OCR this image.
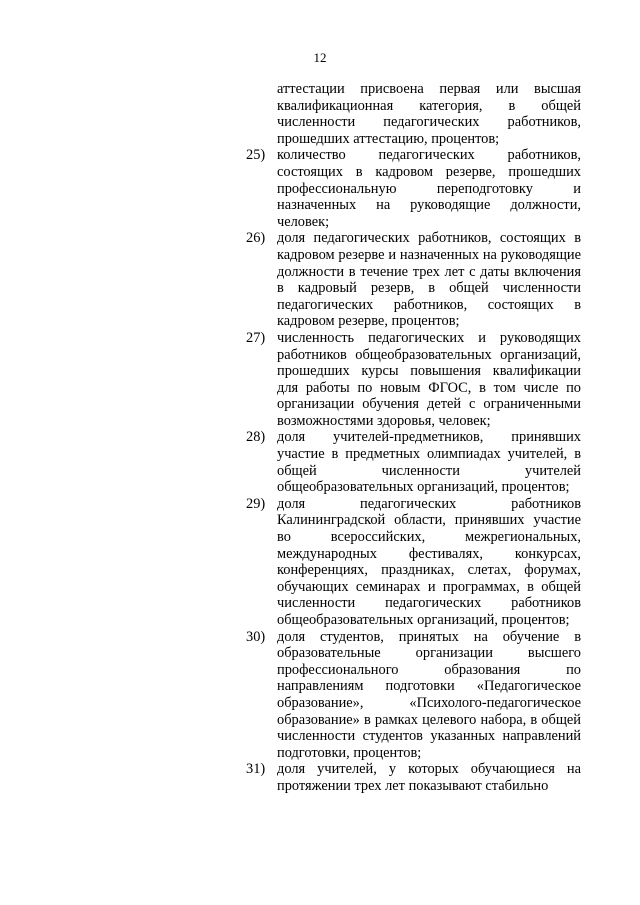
12
аттестации присвоена первая или высшая квалификационная категория, в общей численности педагогических работников, прошедших аттестацию, процентов;
25) количество педагогических работников, состоящих в кадровом резерве, прошедших профессиональную переподготовку и назначенных на руководящие должности, человек;
26) доля педагогических работников, состоящих в кадровом резерве и назначенных на руководящие должности в течение трех лет с даты включения в кадровый резерв, в общей численности педагогических работников, состоящих в кадровом резерве, процентов;
27) численность педагогических и руководящих работников общеобразовательных организаций, прошедших курсы повышения квалификации для работы по новым ФГОС, в том числе по организации обучения детей с ограниченными возможностями здоровья, человек;
28) доля учителей-предметников, принявших участие в предметных олимпиадах учителей, в общей численности учителей общеобразовательных организаций, процентов;
29) доля педагогических работников Калининградской области, принявших участие во всероссийских, межрегиональных, международных фестивалях, конкурсах, конференциях, праздниках, слетах, форумах, обучающих семинарах и программах, в общей численности педагогических работников общеобразовательных организаций, процентов;
30) доля студентов, принятых на обучение в образовательные организации высшего профессионального образования по направлениям подготовки «Педагогическое образование», «Психолого-педагогическое образование» в рамках целевого набора, в общей численности студентов указанных направлений подготовки, процентов;
31) доля учителей, у которых обучающиеся на протяжении трех лет показывают стабильно
